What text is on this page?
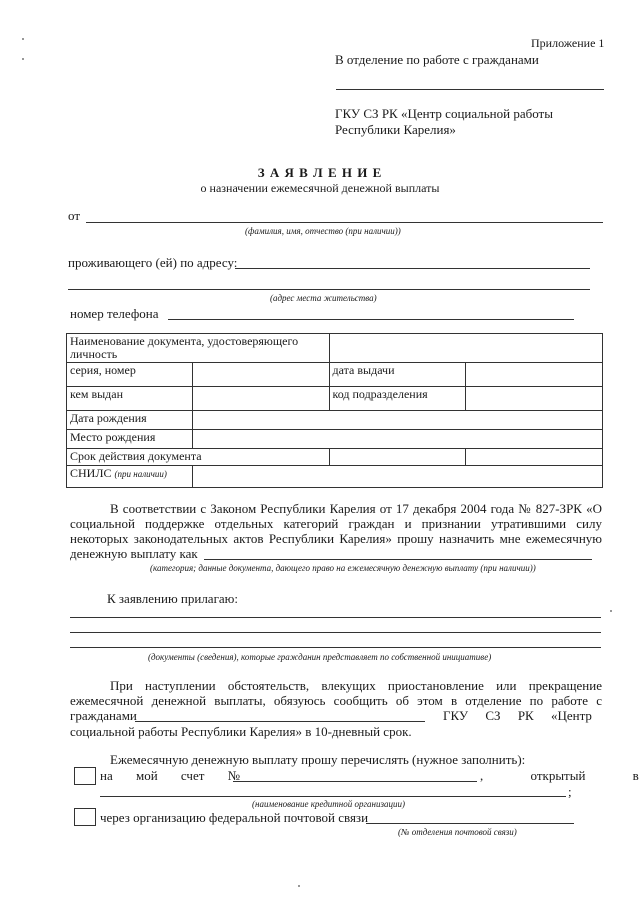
Приложение 1
В отделение по работе с гражданами
ГКУ СЗ РК «Центр социальной работы
Республики Карелия»
З А Я В Л Е Н И Е
о назначении ежемесячной денежной выплаты
от
(фамилия, имя, отчество (при наличии))
проживающего (ей) по адресу:
(адрес места жительства)
номер телефона
Наименование документа, удостоверяющего личность			
серия, номер		дата выдачи	
кем выдан		код подразделения	
Дата рождения			
Место рождения			
Срок действия документа			
СНИЛС (при наличии)			
В соответствии с Законом Республики Карелия от 17 декабря 2004 года № 827-ЗРК «О
социальной поддержке отдельных категорий граждан и признании утратившими силу
некоторых законодательных актов Республики Карелия» прошу назначить мне ежемесячную
денежную выплату как
(категория; данные документа, дающего право на ежемесячную денежную выплату (при наличии))
К заявлению прилагаю:
(документы (сведения), которые гражданин представляет по собственной инициативе)
При наступлении обстоятельств, влекущих приостановление или прекращение
ежемесячной денежной выплаты, обязуюсь сообщить об этом в отделение по работе с
гражданами	ГКУ СЗ РК «Центр
социальной работы Республики Карелия» в 10-дневный срок.
Ежемесячную денежную выплату прошу перечислять (нужное заполнить):
на мой счет №	, открытый в
;
(наименование кредитной организации)
через организацию федеральной почтовой связи
(№ отделения почтовой связи)
